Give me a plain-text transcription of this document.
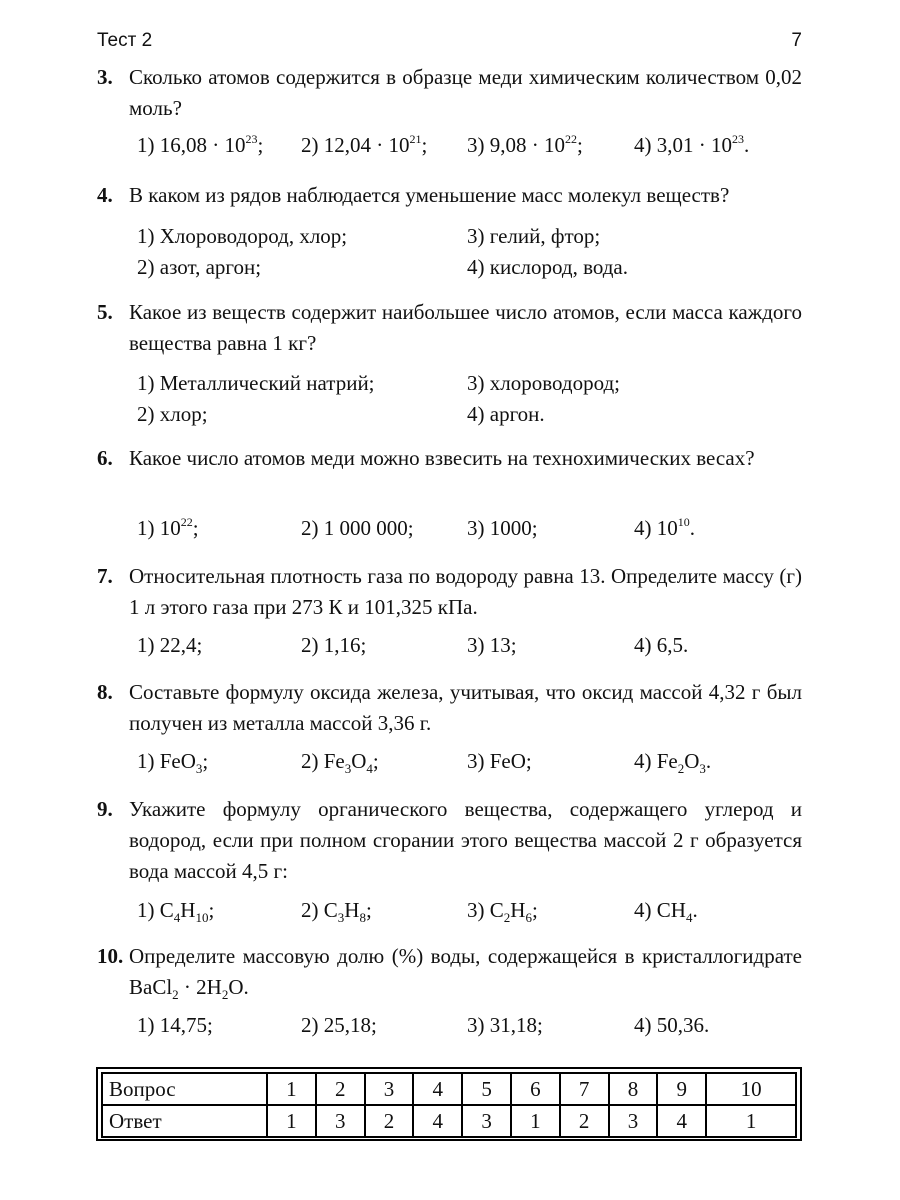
Тест 2	7
3. Сколько атомов содержится в образце меди химическим количеством 0,02 моль?
1) $16,08 \cdot 10^{23}$; 2) $12,04 \cdot 10^{21}$; 3) $9,08 \cdot 10^{22}$; 4) $3,01 \cdot 10^{23}$.
4. В каком из рядов наблюдается уменьшение масс молекул веществ?
1) Хлороводород, хлор;	3) гелий, фтор;
2) азот, аргон;	4) кислород, вода.
5. Какое из веществ содержит наибольшее число атомов, если масса каждого вещества равна 1 кг?
1) Металлический натрий;	3) хлороводород;
2) хлор;	4) аргон.
6. Какое число атомов меди можно взвесить на технохимических весах?
1) $10^{22}$;	2) 1 000 000;	3) 1000;	4) $10^{10}$.
7. Относительная плотность газа по водороду равна 13. Определите массу (г) 1 л этого газа при 273 К и 101,325 кПа.
1) 22,4;	2) 1,16;	3) 13;	4) 6,5.
8. Составьте формулу оксида железа, учитывая, что оксид массой 4,32 г был получен из металла массой 3,36 г.
1) FeO$_3$;	2) $Fe_3O_4$;	3) FeO;	4) $Fe_2O_3$.
9. Укажите формулу органического вещества, содержащего углерод и водород, если при полном сгорании этого вещества массой 2 г образуется вода массой 4,5 г:
1) $C_4H_{10}$;	2) $C_3H_8$;	3) $C_2H_6$;	4) $CH_4$.
10. Определите массовую долю (%) воды, содержащейся в кристаллогидрате BaCl$_2$ · $2H_2O$.
1) 14,75;	2) 25,18;	3) 31,18;	4) 50,36.
Вопрос	1	2	3	4	5	6	7	8	9	10
Ответ	1	3	2	4	3	1	2	3	4	1
